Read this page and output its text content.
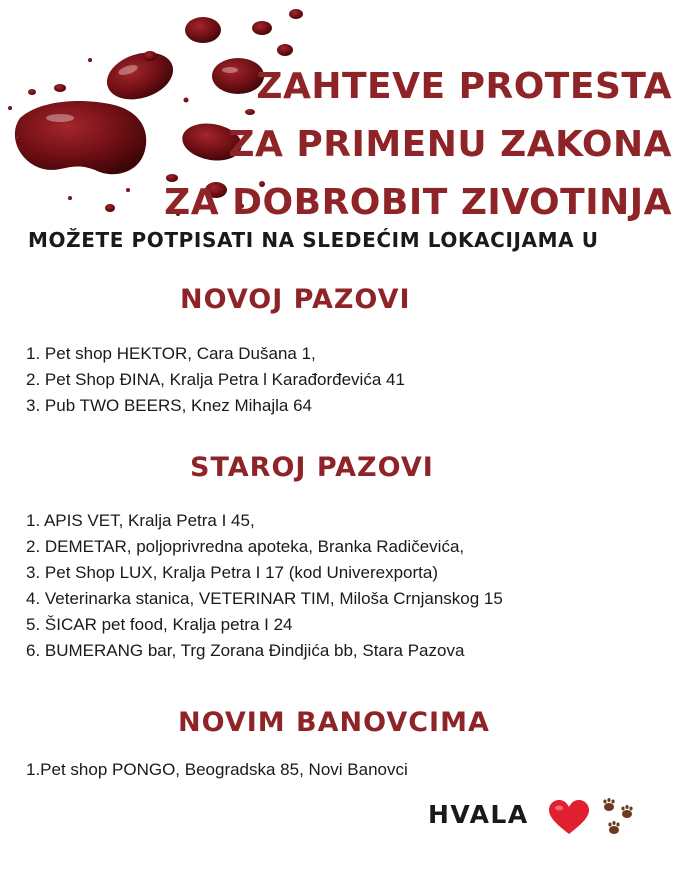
ZAHTEVE PROTESTA
ZA PRIMENU ZAKONA
ZA DOBROBIT ZIVOTINJA
MOŽETE POTPISATI NA SLEDEĆIM LOKACIJAMA U
NOVOJ PAZOVI
1. Pet shop HEKTOR, Cara Dušana 1,
2. Pet Shop ĐINA, Kralja Petra l Karađorđevića 41
3. Pub TWO BEERS, Knez Mihajla 64
STAROJ PAZOVI
1. APIS VET, Kralja Petra I 45,
2. DEMETAR, poljoprivredna apoteka, Branka Radičevića,
3. Pet Shop LUX, Kralja Petra I 17 (kod Univerexporta)
4. Veterinarka stanica, VETERINAR TIM, Miloša Crnjanskog 15
5. ŠICAR pet food, Kralja petra I 24
6. BUMERANG bar, Trg Zorana Đindjića bb, Stara Pazova
NOVIM BANOVCIMA
1.Pet shop PONGO, Beogradska 85, Novi Banovci
HVALA
